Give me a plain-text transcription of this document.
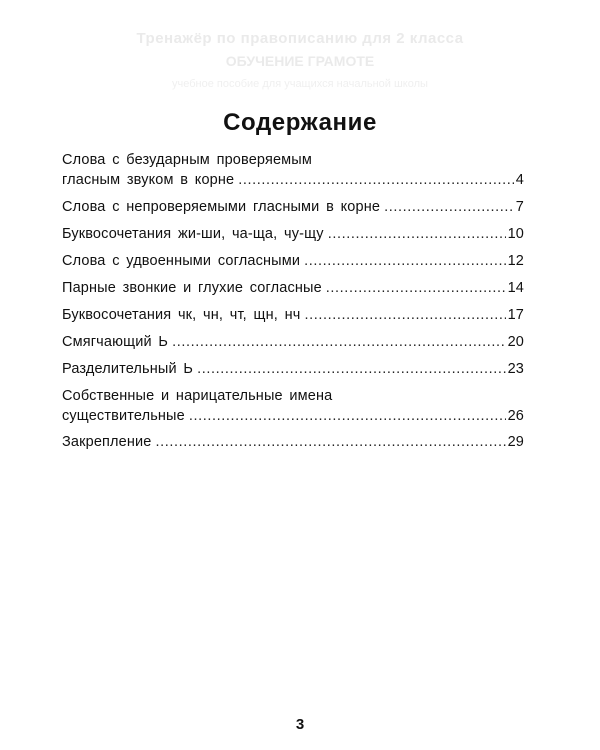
Тренажёр по правописанию для 2 класса
ОБУЧЕНИЕ ГРАМОТЕ
учебное пособие для учащихся начальной школы
Содержание
Слова с безударным проверяемым
гласным звуком в корне .....	4
Слова с непроверяемыми гласными в корне .....	7
Буквосочетания жи-ши, ча-ща, чу-щу .....	10
Слова с удвоенными согласными .....	12
Парные звонкие и глухие согласные .....	14
Буквосочетания чк, чн, чт, щн, нч .....	17
Смягчающий Ь .....	20
Разделительный Ь .....	23
Собственные и нарицательные имена
существительные .....	26
Закрепление .....	29
3
